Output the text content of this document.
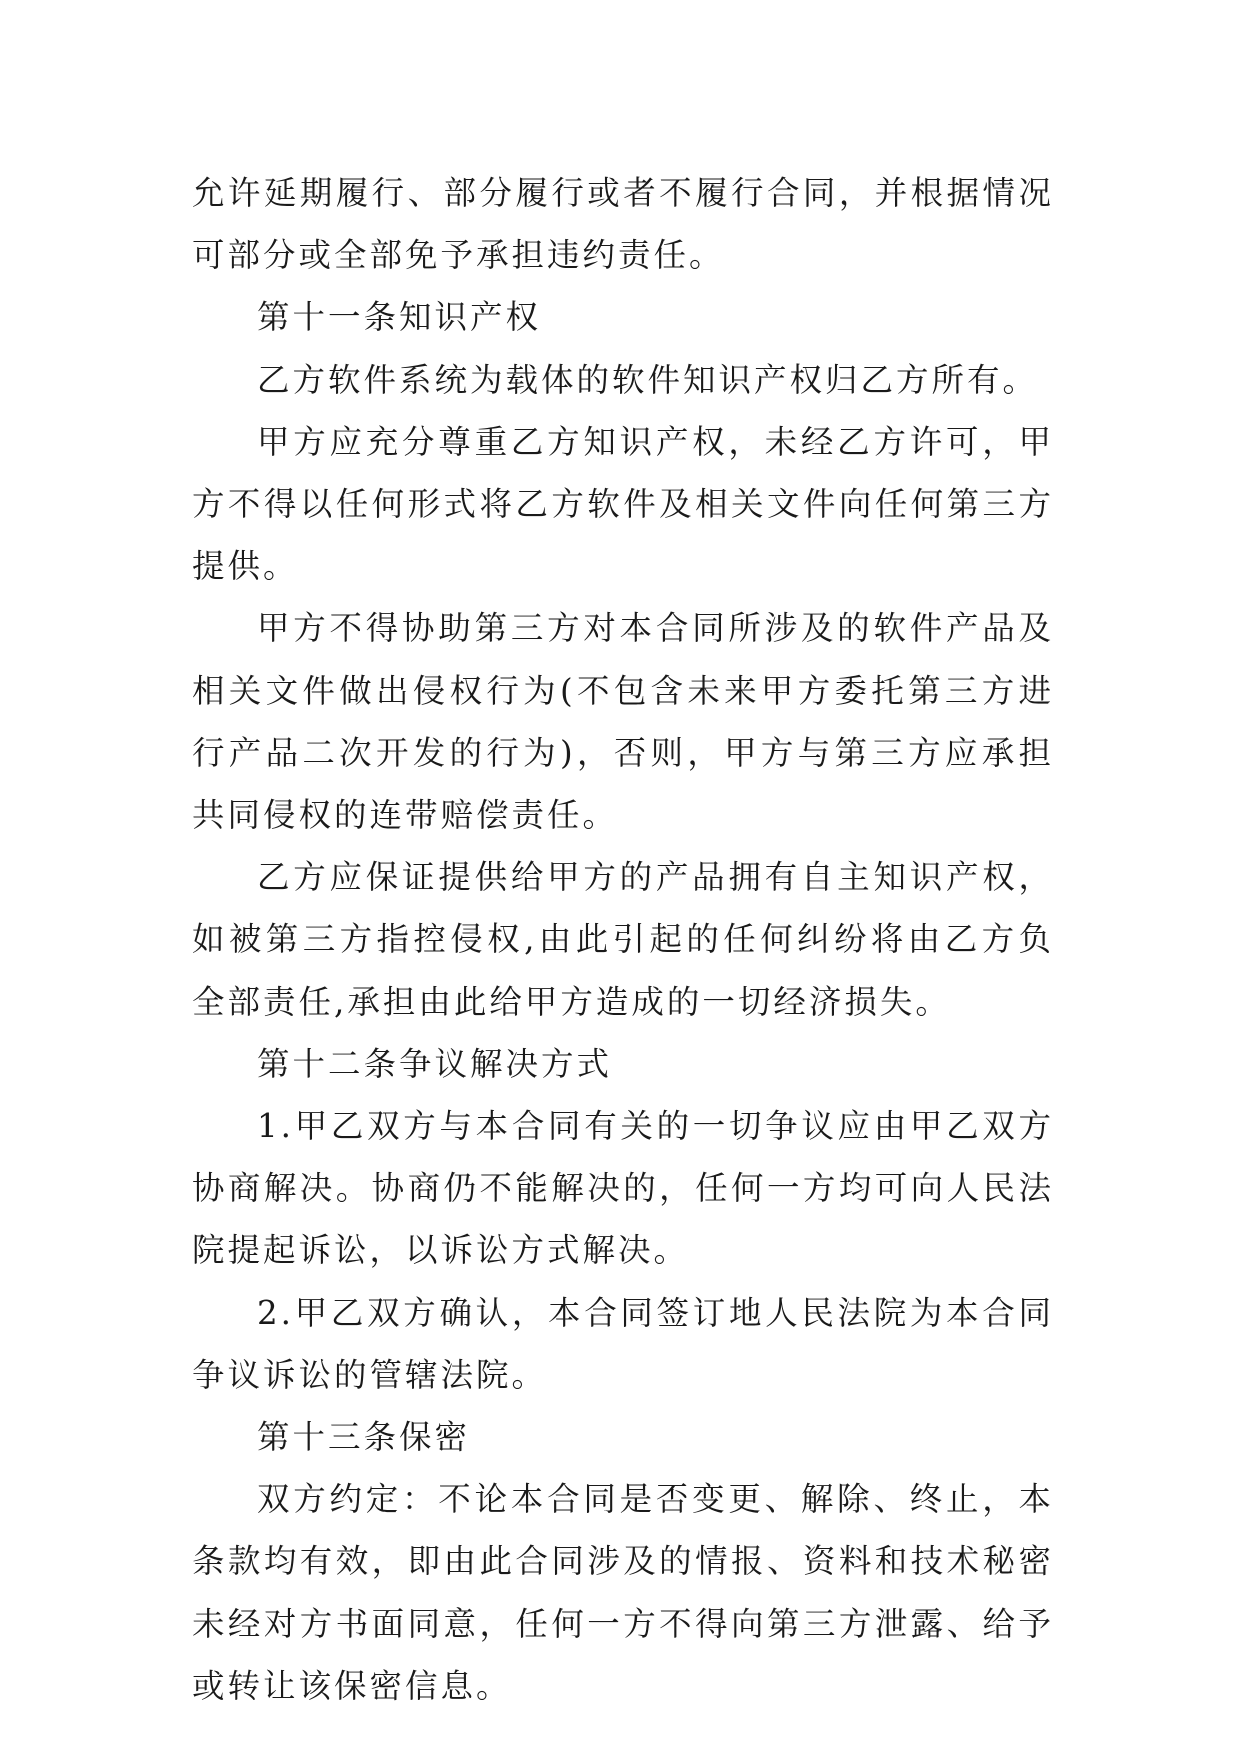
允许延期履行、部分履行或者不履行合同，并根据情况可部分或全部免予承担违约责任。

第十一条知识产权

乙方软件系统为载体的软件知识产权归乙方所有。

甲方应充分尊重乙方知识产权，未经乙方许可，甲方不得以任何形式将乙方软件及相关文件向任何第三方提供。

甲方不得协助第三方对本合同所涉及的软件产品及相关文件做出侵权行为(不包含未来甲方委托第三方进行产品二次开发的行为)，否则，甲方与第三方应承担共同侵权的连带赔偿责任。

乙方应保证提供给甲方的产品拥有自主知识产权，如被第三方指控侵权,由此引起的任何纠纷将由乙方负全部责任,承担由此给甲方造成的一切经济损失。

第十二条争议解决方式

1.甲乙双方与本合同有关的一切争议应由甲乙双方协商解决。协商仍不能解决的，任何一方均可向人民法院提起诉讼，以诉讼方式解决。

2.甲乙双方确认，本合同签订地人民法院为本合同争议诉讼的管辖法院。

第十三条保密

双方约定：不论本合同是否变更、解除、终止，本条款均有效，即由此合同涉及的情报、资料和技术秘密未经对方书面同意，任何一方不得向第三方泄露、给予或转让该保密信息。
